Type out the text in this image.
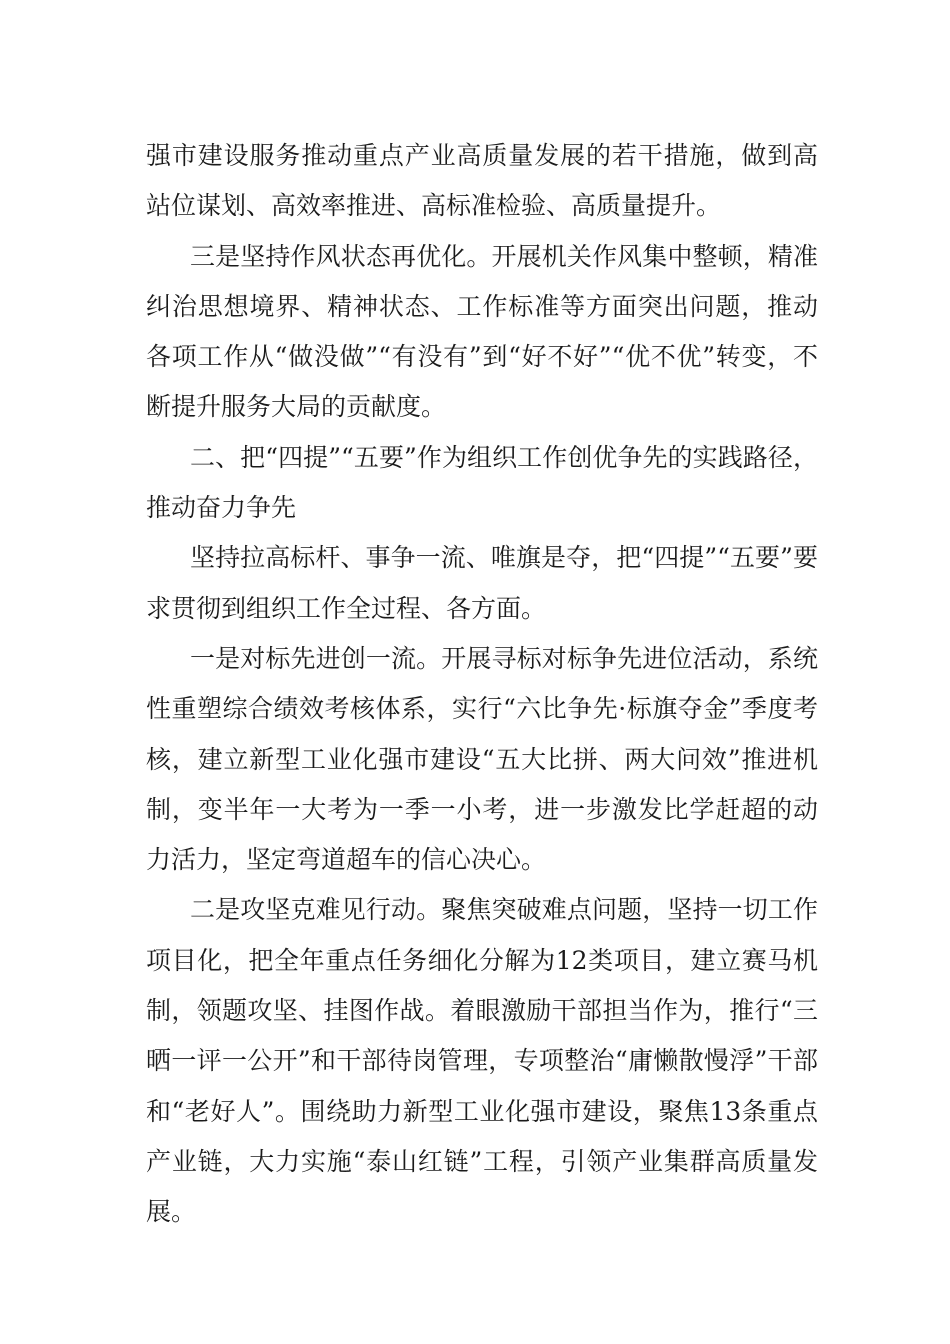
强市建设服务推动重点产业高质量发展的若干措施，做到高站位谋划、高效率推进、高标准检验、高质量提升。

三是坚持作风状态再优化。开展机关作风集中整顿，精准纠治思想境界、精神状态、工作标准等方面突出问题，推动各项工作从“做没做”“有没有”到“好不好”“优不优”转变，不断提升服务大局的贡献度。

二、把“四提”“五要”作为组织工作创优争先的实践路径，推动奋力争先

坚持拉高标杆、事争一流、唯旗是夺，把“四提”“五要”要求贯彻到组织工作全过程、各方面。

一是对标先进创一流。开展寻标对标争先进位活动，系统性重塑综合绩效考核体系，实行“六比争先·标旗夺金”季度考核，建立新型工业化强市建设“五大比拼、两大问效”推进机制，变半年一大考为一季一小考，进一步激发比学赶超的动力活力，坚定弯道超车的信心决心。

二是攻坚克难见行动。聚焦突破难点问题，坚持一切工作项目化，把全年重点任务细化分解为12类项目，建立赛马机制，领题攻坚、挂图作战。着眼激励干部担当作为，推行“三晒一评一公开”和干部待岗管理，专项整治“庸懒散慢浮”干部和“老好人”。围绕助力新型工业化强市建设，聚焦13条重点产业链，大力实施“泰山红链”工程，引领产业集群高质量发展。
